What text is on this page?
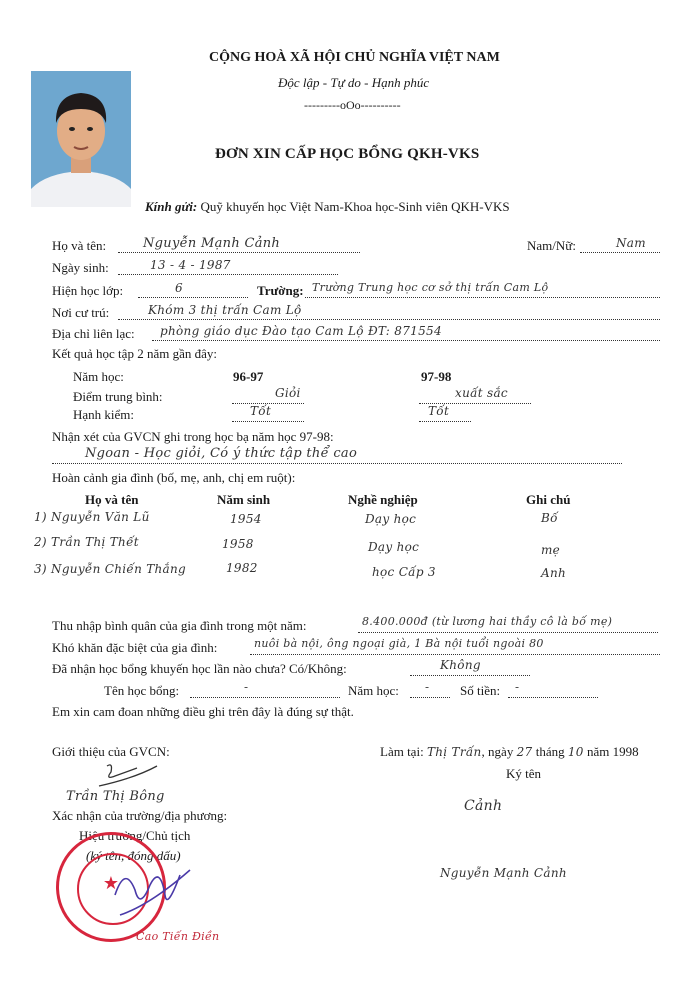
CỘNG HOÀ XÃ HỘI CHỦ NGHĨA VIỆT NAM
Độc lập - Tự do - Hạnh phúc
---------oOo----------
ĐƠN XIN CẤP HỌC BỔNG QKH-VKS
Kính gửi: Quỹ khuyến học Việt Nam-Khoa học-Sinh viên QKH-VKS
Họ và tên:	Nguyễn Mạnh Cảnh	Nam/Nữ:	Nam
Ngày sinh:	13 - 4 - 1987
Hiện học lớp:	6	Trường: Trường Trung học cơ sở thị trấn Cam Lộ
Nơi cư trú:	Khóm 3 thị trấn Cam Lộ
Địa chỉ liên lạc: phòng giáo dục Đào tạo Cam Lộ ĐT: 871554
Kết quả học tập 2 năm gần đây:
Năm học:	96-97	97-98
Điểm trung bình:	Giỏi	xuất sắc
Hạnh kiểm:	Tốt	Tốt
Nhận xét của GVCN ghi trong học bạ năm học 97-98:
Ngoan - Học giỏi, Có ý thức tập thể cao
Hoàn cảnh gia đình (bố, mẹ, anh, chị em ruột):
Họ và tên	Năm sinh	Nghề nghiệp	Ghi chú
1) Nguyễn Văn Lũ	1954	Dạy học	Bố
2) Trần Thị Thết	1958	Dạy học	mẹ
3) Nguyễn Chiến Thắng	1982	học Cấp 3	Anh
Thu nhập bình quân của gia đình trong một năm:	8.400.000đ (từ lương hai thầy cô là bố mẹ)
Khó khăn đặc biệt của gia đình:	nuôi bà nội, ông ngoại già, 1 Bà nội tuổi ngoài 80
Đã nhận học bổng khuyến học lần nào chưa? Có/Không:	Không
Tên học bổng:	-	Năm học: - Số tiền: -
Em xin cam đoan những điều ghi trên đây là đúng sự thật.
Giới thiệu của GVCN:
Trần Thị Bông
Xác nhận của trường/địa phương:
Hiệu trưởng/Chủ tịch
(ký tên, đóng dấu)
★
Cao Tiến Điền
Làm tại: Thị Trấn, ngày 27 tháng 10 năm 1998
Ký tên
Cảnh
Nguyễn Mạnh Cảnh
